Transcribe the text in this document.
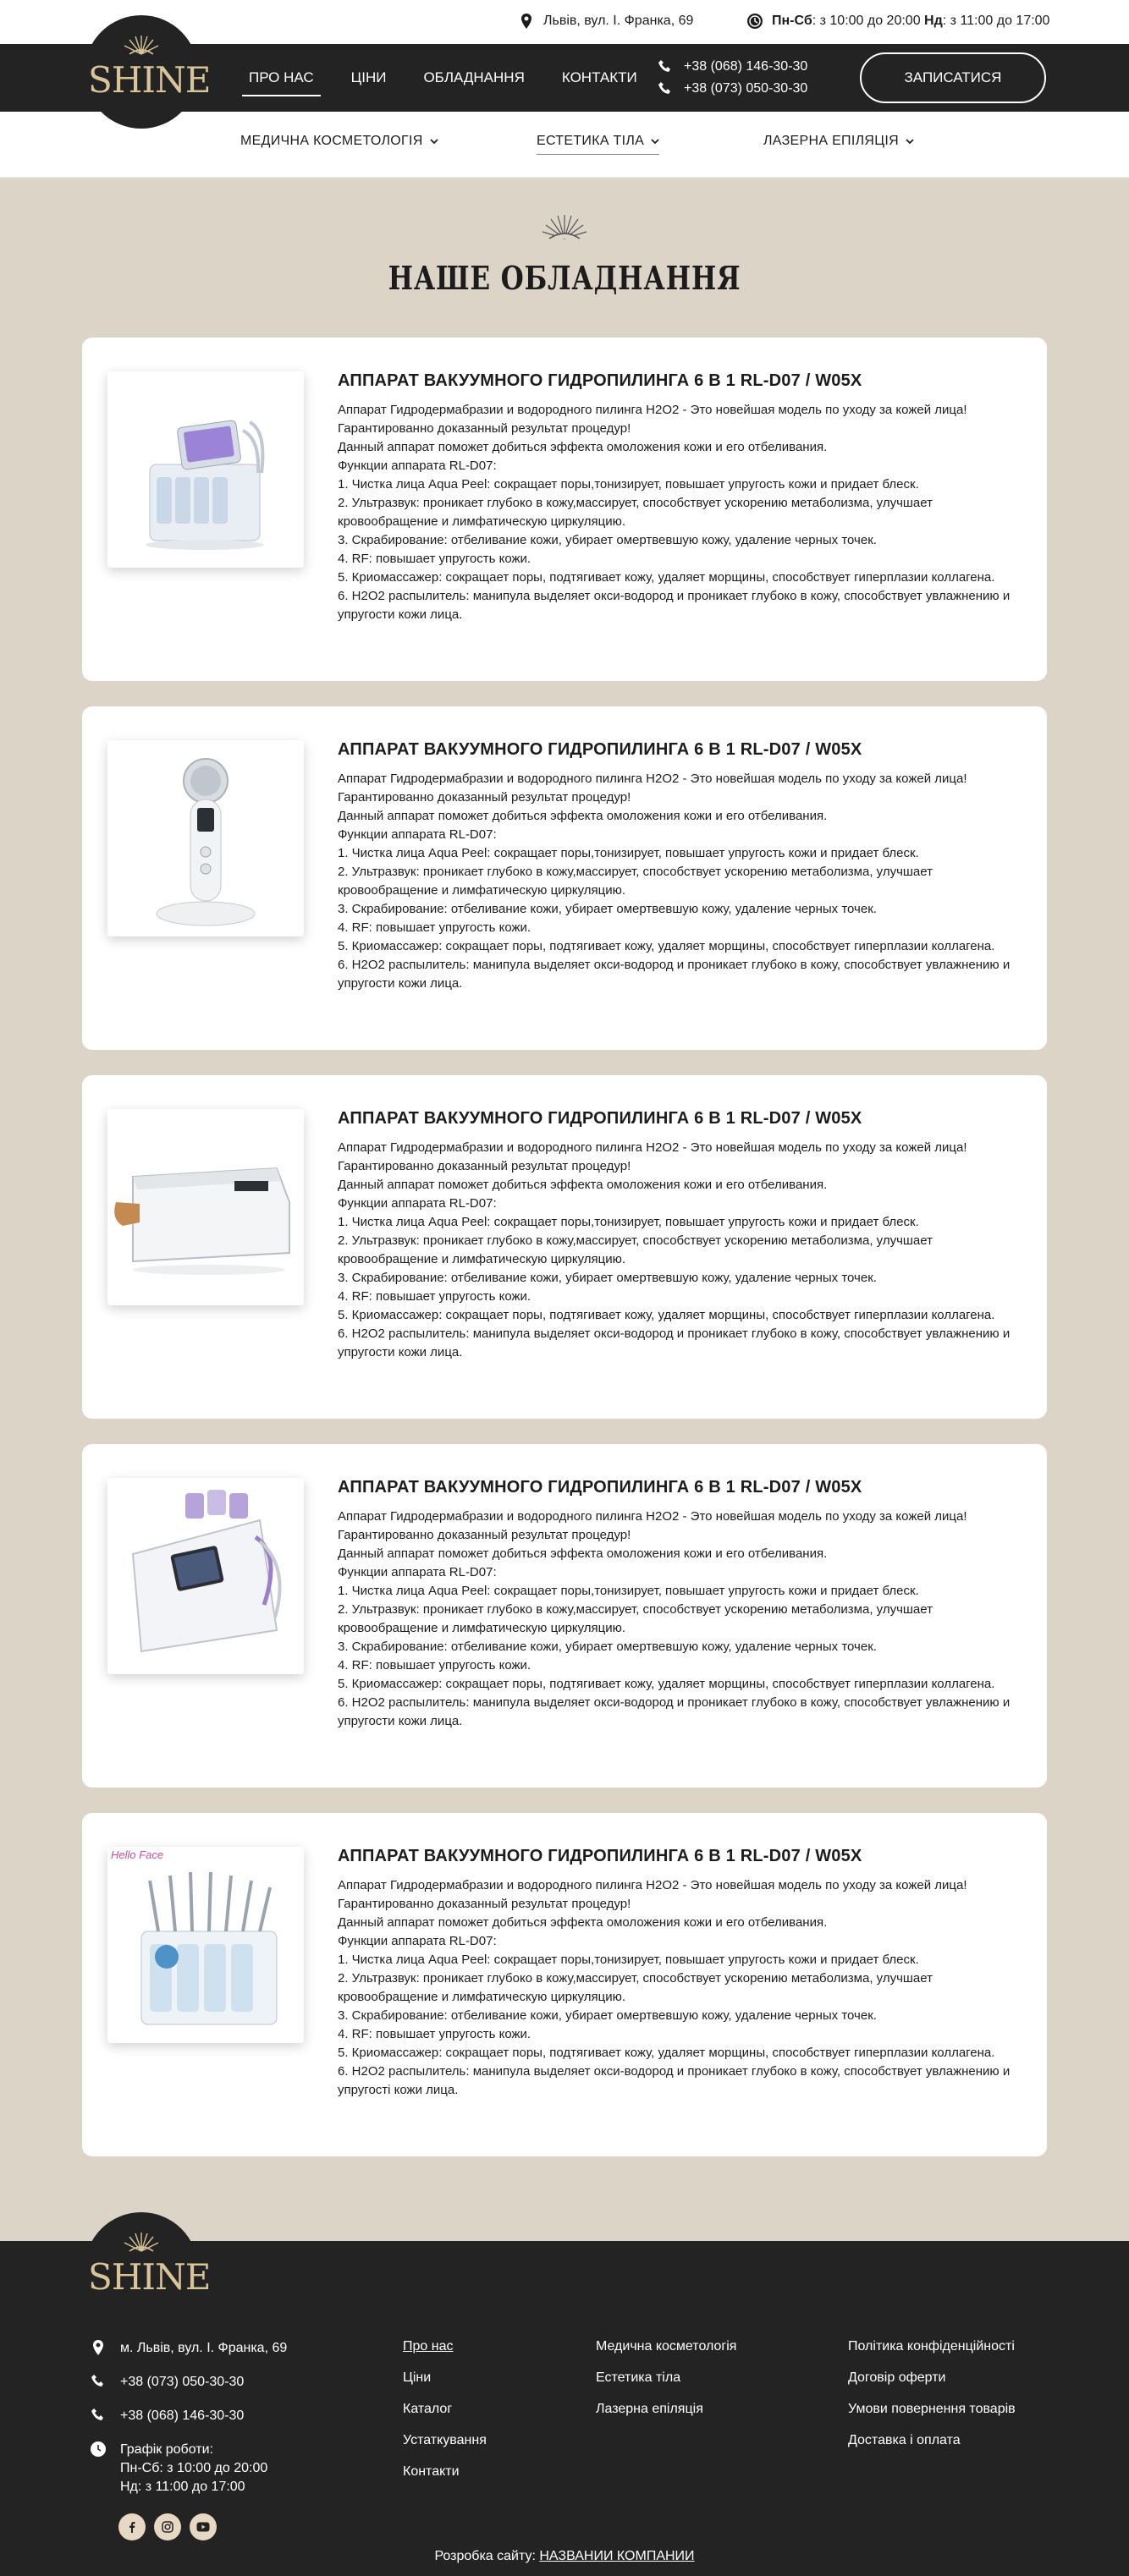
Львів, вул. І. Франка, 69	Пн-Сб: з 10:00 до 20:00 Нд: з 11:00 до 17:00
SHINE	ПРО НАС	ЦІНИ	ОБЛАДНАННЯ	КОНТАКТИ
+38 (068) 146-30-30
+38 (073) 050-30-30
ЗАПИСАТИСЯ
МЕДИЧНА КОСМЕТОЛОГІЯ	ЕСТЕТИКА ТІЛА	ЛАЗЕРНА ЕПІЛЯЦІЯ
НАШЕ ОБЛАДНАННЯ
АППАРАТ ВАКУУМНОГО ГИДРОПИЛИНГА 6 В 1 RL-D07 / W05X

Аппарат Гидродермабразии и водородного пилинга H2O2 - Это новейшая модель по уходу за кожей лица! Гарантированно доказанный результат процедур!

Данный аппарат поможет добиться эффекта омоложения кожи и его отбеливания.

Функции аппарата RL-D07:

1. Чистка лица Aqua Peel: сокращает поры,тонизирует, повышает упругость кожи и придает блеск.

2. Ультразвук: проникает глубоко в кожу,массирует, способствует ускорению метаболизма, улучшает кровообращение и лимфатическую циркуляцию.

3. Скрабирование: отбеливание кожи, убирает омертвевшую кожу, удаление черных точек.

4. RF: повышает упругость кожи.

5. Криомассажер: сокращает поры, подтягивает кожу, удаляет морщины, способствует гиперплазии коллагена.

6. H2O2 распылитель: манипула выделяет окси-водород и проникает глубоко в кожу, способствует увлажнению и упругости кожи лица.

АППАРАТ ВАКУУМНОГО ГИДРОПИЛИНГА 6 В 1 RL-D07 / W05X

Аппарат Гидродермабразии и водородного пилинга H2O2 - Это новейшая модель по уходу за кожей лица! Гарантированно доказанный результат процедур!

Данный аппарат поможет добиться эффекта омоложения кожи и его отбеливания.

Функции аппарата RL-D07:

1. Чистка лица Aqua Peel: сокращает поры,тонизирует, повышает упругость кожи и придает блеск.

2. Ультразвук: проникает глубоко в кожу,массирует, способствует ускорению метаболизма, улучшает кровообращение и лимфатическую циркуляцию.

3. Скрабирование: отбеливание кожи, убирает омертвевшую кожу, удаление черных точек.

4. RF: повышает упругость кожи.

5. Криомассажер: сокращает поры, подтягивает кожу, удаляет морщины, способствует гиперплазии коллагена.

6. H2O2 распылитель: манипула выделяет окси-водород и проникает глубоко в кожу, способствует увлажнению и упругости кожи лица.

АППАРАТ ВАКУУМНОГО ГИДРОПИЛИНГА 6 В 1 RL-D07 / W05X

Аппарат Гидродермабразии и водородного пилинга H2O2 - Это новейшая модель по уходу за кожей лица! Гарантированно доказанный результат процедур!

Данный аппарат поможет добиться эффекта омоложения кожи и его отбеливания.

Функции аппарата RL-D07:

1. Чистка лица Aqua Peel: сокращает поры,тонизирует, повышает упругость кожи и придает блеск.

2. Ультразвук: проникает глубоко в кожу,массирует, способствует ускорению метаболизма, улучшает кровообращение и лимфатическую циркуляцию.

3. Скрабирование: отбеливание кожи, убирает омертвевшую кожу, удаление черных точек.

4. RF: повышает упругость кожи.

5. Криомассажер: сокращает поры, подтягивает кожу, удаляет морщины, способствует гиперплазии коллагена.

6. H2O2 распылитель: манипула выделяет окси-водород и проникает глубоко в кожу, способствует увлажнению и упругости кожи лица.

АППАРАТ ВАКУУМНОГО ГИДРОПИЛИНГА 6 В 1 RL-D07 / W05X

Аппарат Гидродермабразии и водородного пилинга H2O2 - Это новейшая модель по уходу за кожей лица! Гарантированно доказанный результат процедур!

Данный аппарат поможет добиться эффекта омоложения кожи и его отбеливания.

Функции аппарата RL-D07:

1. Чистка лица Aqua Peel: сокращает поры,тонизирует, повышает упругость кожи и придает блеск.

2. Ультразвук: проникает глубоко в кожу,массирует, способствует ускорению метаболизма, улучшает кровообращение и лимфатическую циркуляцию.

3. Скрабирование: отбеливание кожи, убирает омертвевшую кожу, удаление черных точек.

4. RF: повышает упругость кожи.

5. Криомассажер: сокращает поры, подтягивает кожу, удаляет морщины, способствует гиперплазии коллагена.

6. H2O2 распылитель: манипула выделяет окси-водород и проникает глубоко в кожу, способствует увлажнению и упругости кожи лица.

Hello Face	АППАРАТ ВАКУУМНОГО ГИДРОПИЛИНГА 6 В 1 RL-D07 / W05X

Аппарат Гидродермабразии и водородного пилинга H2O2 - Это новейшая модель по уходу за кожей лица! Гарантированно доказанный результат процедур!

Данный аппарат поможет добиться эффекта омоложения кожи и его отбеливания.

Функции аппарата RL-D07:

1. Чистка лица Aqua Peel: сокращает поры,тонизирует, повышает упругость кожи и придает блеск.

2. Ультразвук: проникает глубоко в кожу,массирует, способствует ускорению метаболизма, улучшает кровообращение и лимфатическую циркуляцию.

3. Скрабирование: отбеливание кожи, убирает омертвевшую кожу, удаление черных точек.

4. RF: повышает упругость кожи.

5. Криомассажер: сокращает поры, подтягивает кожу, удаляет морщины, способствует гиперплазии коллагена.

6. H2O2 распылитель: манипула выделяет окси-водород и проникает глубоко в кожу, способствует увлажнению и упругості кожи лица.

SHINE
м. Львів, вул. І. Франка, 69
+38 (073) 050-30-30
+38 (068) 146-30-30
Графік роботи:
Пн-Сб: з 10:00 до 20:00
Нд: з 11:00 до 17:00
Про нас
Ціни
Каталог
Устаткування
Контакти
Медична косметологія
Естетика тіла
Лазерна епіляція
Політика конфіденційності
Договір оферти
Умови повернення товарів
Доставка і оплата
Розробка сайту: НАЗВАНИИ КОМПАНИИ
